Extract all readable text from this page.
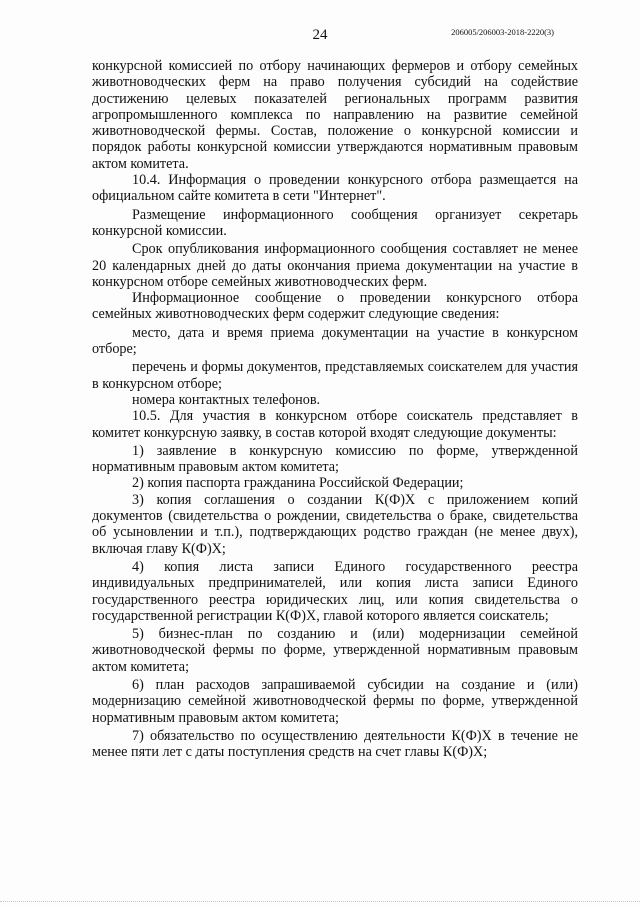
24	206005/206003-2018-2220(3)

конкурсной комиссией по отбору начинающих фермеров и отбору семейных животноводческих ферм на право получения субсидий на содействие достижению целевых показателей региональных программ развития агропромышленного комплекса по направлению на развитие семейной животноводческой фермы. Состав, положение о конкурсной комиссии и порядок работы конкурсной комиссии утверждаются нормативным правовым актом комитета.

10.4. Информация о проведении конкурсного отбора размещается на официальном сайте комитета в сети "Интернет".

Размещение информационного сообщения организует секретарь конкурсной комиссии.

Срок опубликования информационного сообщения составляет не менее 20 календарных дней до даты окончания приема документации на участие в конкурсном отборе семейных животноводческих ферм.

Информационное сообщение о проведении конкурсного отбора семейных животноводческих ферм содержит следующие сведения:

место, дата и время приема документации на участие в конкурсном отборе;

перечень и формы документов, представляемых соискателем для участия в конкурсном отборе;

номера контактных телефонов.

10.5. Для участия в конкурсном отборе соискатель представляет в комитет конкурсную заявку, в состав которой входят следующие документы:

1) заявление в конкурсную комиссию по форме, утвержденной нормативным правовым актом комитета;

2) копия паспорта гражданина Российской Федерации;

3) копия соглашения о создании К(Ф)Х с приложением копий документов (свидетельства о рождении, свидетельства о браке, свидетельства об усыновлении и т.п.), подтверждающих родство граждан (не менее двух), включая главу К(Ф)Х;

4) копия листа записи Единого государственного реестра индивидуальных предпринимателей, или копия листа записи Единого государственного реестра юридических лиц, или копия свидетельства о государственной регистрации К(Ф)Х, главой которого является соискатель;

5) бизнес-план по созданию и (или) модернизации семейной животноводческой фермы по форме, утвержденной нормативным правовым актом комитета;

6) план расходов запрашиваемой субсидии на создание и (или) модернизацию семейной животноводческой фермы по форме, утвержденной нормативным правовым актом комитета;

7) обязательство по осуществлению деятельности К(Ф)Х в течение не менее пяти лет с даты поступления средств на счет главы К(Ф)Х;
